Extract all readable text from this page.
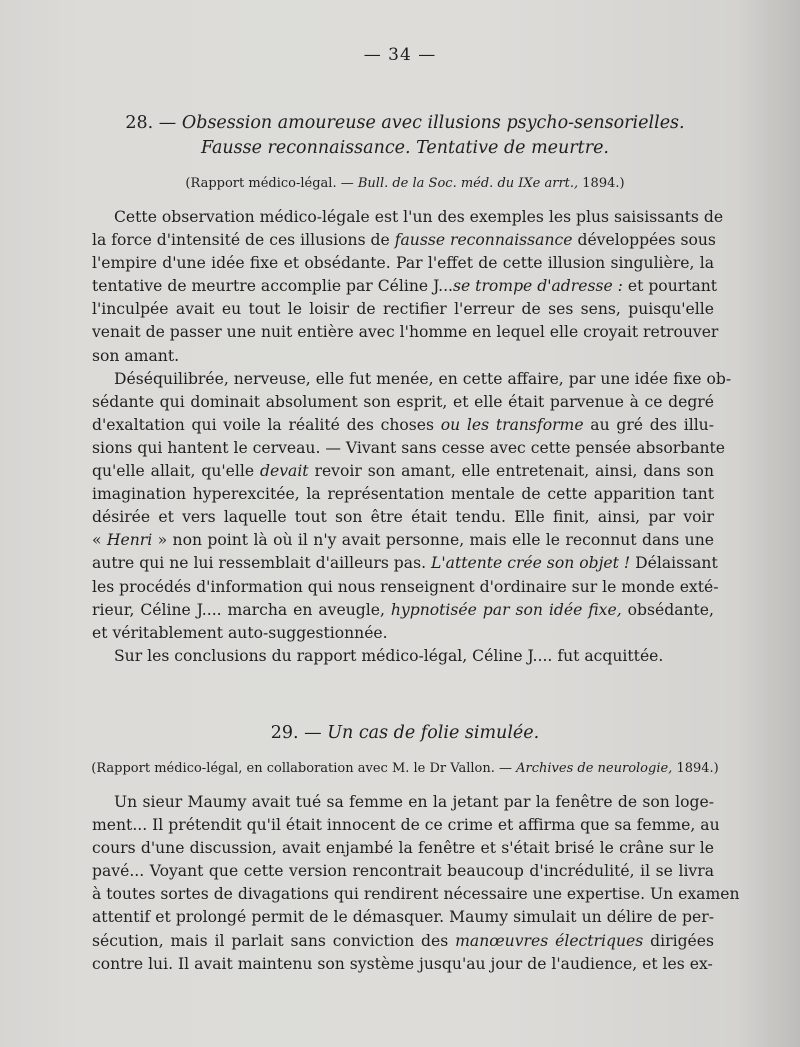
— 34 —
28. — Obsession amoureuse avec illusions psycho-sensorielles.
Fausse reconnaissance. Tentative de meurtre.
(Rapport médico-légal. — Bull. de la Soc. méd. du IXe arrt., 1894.)
Cette observation médico-légale est l'un des exemples les plus saisissants de
la force d'intensité de ces illusions de fausse reconnaissance développées sous
l'empire d'une idée fixe et obsédante. Par l'effet de cette illusion singulière, la
tentative de meurtre accomplie par Céline J...se trompe d'adresse : et pourtant
l'inculpée avait eu tout le loisir de rectifier l'erreur de ses sens, puisqu'elle
venait de passer une nuit entière avec l'homme en lequel elle croyait retrouver
son amant.
Déséquilibrée, nerveuse, elle fut menée, en cette affaire, par une idée fixe ob-
sédante qui dominait absolument son esprit, et elle était parvenue à ce degré
d'exaltation qui voile la réalité des choses ou les transforme au gré des illu-
sions qui hantent le cerveau. — Vivant sans cesse avec cette pensée absorbante
qu'elle allait, qu'elle devait revoir son amant, elle entretenait, ainsi, dans son
imagination hyperexcitée, la représentation mentale de cette apparition tant
désirée et vers laquelle tout son être était tendu. Elle finit, ainsi, par voir
« Henri » non point là où il n'y avait personne, mais elle le reconnut dans une
autre qui ne lui ressemblait d'ailleurs pas. L'attente crée son objet ! Délaissant
les procédés d'information qui nous renseignent d'ordinaire sur le monde exté-
rieur, Céline J.... marcha en aveugle, hypnotisée par son idée fixe, obsédante,
et véritablement auto-suggestionnée.
Sur les conclusions du rapport médico-légal, Céline J.... fut acquittée.
29. — Un cas de folie simulée.
(Rapport médico-légal, en collaboration avec M. le Dr Vallon. — Archives de neurologie, 1894.)
Un sieur Maumy avait tué sa femme en la jetant par la fenêtre de son loge-
ment... Il prétendit qu'il était innocent de ce crime et affirma que sa femme, au
cours d'une discussion, avait enjambé la fenêtre et s'était brisé le crâne sur le
pavé... Voyant que cette version rencontrait beaucoup d'incrédulité, il se livra
à toutes sortes de divagations qui rendirent nécessaire une expertise. Un examen
attentif et prolongé permit de le démasquer. Maumy simulait un délire de per-
sécution, mais il parlait sans conviction des manœuvres électriques dirigées
contre lui. Il avait maintenu son système jusqu'au jour de l'audience, et les ex-
